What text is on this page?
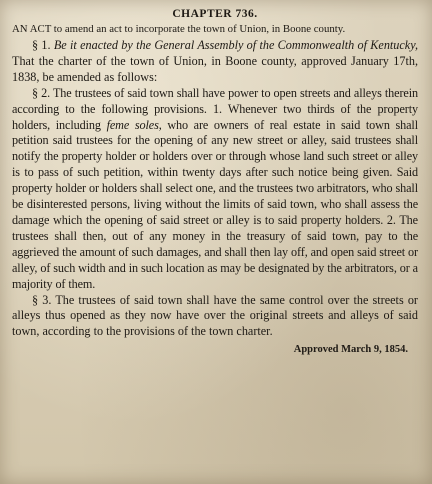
CHAPTER 736.
AN ACT to amend an act to incorporate the town of Union, in Boone county.

§ 1. Be it enacted by the General Assembly of the Commonwealth of Kentucky, That the charter of the town of Union, in Boone county, approved January 17th, 1838, be amended as follows:

§ 2. The trustees of said town shall have power to open streets and alleys therein according to the following provisions. 1. Whenever two thirds of the property holders, including feme soles, who are owners of real estate in said town shall petition said trustees for the opening of any new street or alley, said trustees shall notify the property holder or holders over or through whose land such street or alley is to pass of such petition, within twenty days after such notice being given. Said property holder or holders shall select one, and the trustees two arbitrators, who shall be disinterested persons, living without the limits of said town, who shall assess the damage which the opening of said street or alley is to said property holders. 2. The trustees shall then, out of any money in the treasury of said town, pay to the aggrieved the amount of such damages, and shall then lay off, and open said street or alley, of such width and in such location as may be designated by the arbitrators, or a majority of them.

§ 3. The trustees of said town shall have the same control over the streets or alleys thus opened as they now have over the original streets and alleys of said town, according to the provisions of the town charter.

Approved March 9, 1854.
